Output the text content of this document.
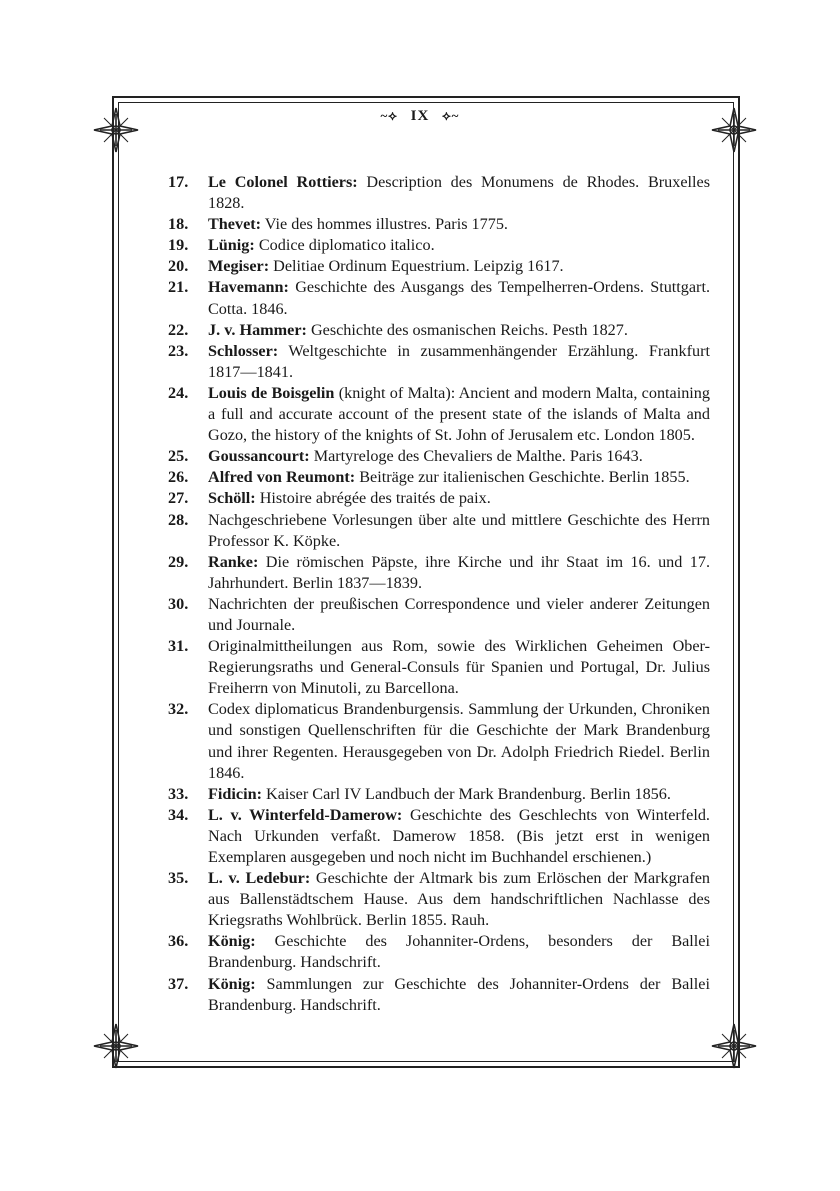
~⟡ IX ⟡~
17.	Le Colonel Rottiers: Description des Monumens de Rhodes. Bruxelles 1828.
18.	Thevet: Vie des hommes illustres. Paris 1775.
19.	Lünig: Codice diplomatico italico.
20.	Megiser: Delitiae Ordinum Equestrium. Leipzig 1617.
21.	Havemann: Geschichte des Ausgangs des Tempelherren-Ordens. Stuttgart. Cotta. 1846.
22.	J. v. Hammer: Geschichte des osmanischen Reichs. Pesth 1827.
23.	Schlosser: Weltgeschichte in zusammenhängender Erzählung. Frankfurt 1817—1841.
24.	Louis de Boisgelin (knight of Malta): Ancient and modern Malta, containing a full and accurate account of the present state of the islands of Malta and Gozo, the history of the knights of St. John of Jerusalem etc. London 1805.
25.	Goussancourt: Martyreloge des Chevaliers de Malthe. Paris 1643.
26.	Alfred von Reumont: Beiträge zur italienischen Geschichte. Berlin 1855.
27.	Schöll: Histoire abrégée des traités de paix.
28.	Nachgeschriebene Vorlesungen über alte und mittlere Geschichte des Herrn Professor K. Köpke.
29.	Ranke: Die römischen Päpste, ihre Kirche und ihr Staat im 16. und 17. Jahrhundert. Berlin 1837—1839.
30.	Nachrichten der preußischen Correspondence und vieler anderer Zeitungen und Journale.
31.	Originalmittheilungen aus Rom, sowie des Wirklichen Geheimen Ober-Regierungsraths und General-Consuls für Spanien und Portugal, Dr. Julius Freiherrn von Minutoli, zu Barcellona.
32.	Codex diplomaticus Brandenburgensis. Sammlung der Urkunden, Chroniken und sonstigen Quellenschriften für die Geschichte der Mark Brandenburg und ihrer Regenten. Herausgegeben von Dr. Adolph Friedrich Riedel. Berlin 1846.
33.	Fidicin: Kaiser Carl IV Landbuch der Mark Brandenburg. Berlin 1856.
34.	L. v. Winterfeld-Damerow: Geschichte des Geschlechts von Winterfeld. Nach Urkunden verfaßt. Damerow 1858. (Bis jetzt erst in wenigen Exemplaren ausgegeben und noch nicht im Buchhandel erschienen.)
35.	L. v. Ledebur: Geschichte der Altmark bis zum Erlöschen der Markgrafen aus Ballenstädtschem Hause. Aus dem handschriftlichen Nachlasse des Kriegsraths Wohlbrück. Berlin 1855. Rauh.
36.	König: Geschichte des Johanniter-Ordens, besonders der Ballei Brandenburg. Handschrift.
37.	König: Sammlungen zur Geschichte des Johanniter-Ordens der Ballei Brandenburg. Handschrift.
